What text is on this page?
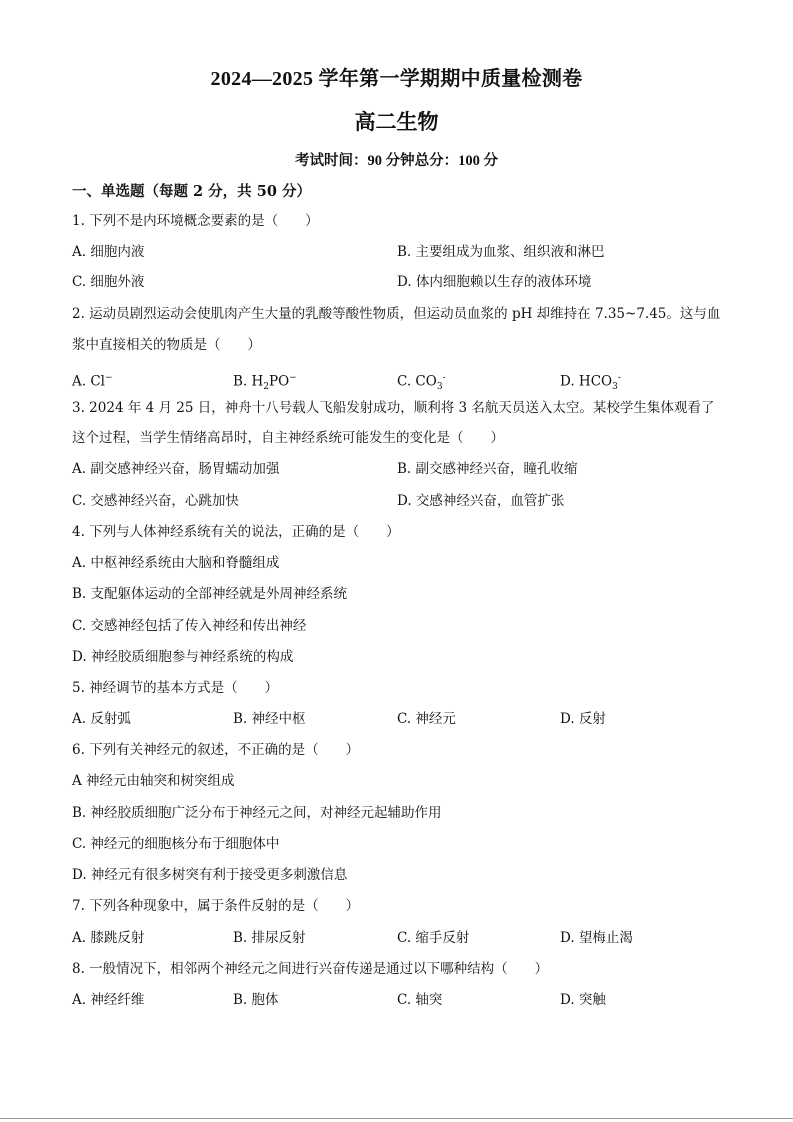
2024—2025 学年第一学期期中质量检测卷
高二生物
考试时间：90 分钟总分：100 分
一、单选题（每题 2 分，共 50 分）
1. 下列不是内环境概念要素的是（　　）
A. 细胞内液	B. 主要组成为血浆、组织液和淋巴
C. 细胞外液	D. 体内细胞赖以生存的液体环境
2. 运动员剧烈运动会使肌肉产生大量的乳酸等酸性物质，但运动员血浆的 pH 却维持在 7.35~7.45。这与血
浆中直接相关的物质是（　　）
A. Cl−	B. $H_2PO^-$	C. $CO_3^-$	D. $HCO_3^-$
3. 2024 年 4 月 25 日，神舟十八号载人飞船发射成功，顺利将 3 名航天员送入太空。某校学生集体观看了
这个过程，当学生情绪高昂时，自主神经系统可能发生的变化是（　　）
A. 副交感神经兴奋，肠胃蠕动加强	B. 副交感神经兴奋，瞳孔收缩
C. 交感神经兴奋，心跳加快	D. 交感神经兴奋，血管扩张
4. 下列与人体神经系统有关的说法，正确的是（　　）
A. 中枢神经系统由大脑和脊髓组成
B. 支配躯体运动的全部神经就是外周神经系统
C. 交感神经包括了传入神经和传出神经
D. 神经胶质细胞参与神经系统的构成
5. 神经调节的基本方式是（　　）
A. 反射弧	B. 神经中枢	C. 神经元	D. 反射
6. 下列有关神经元的叙述，不正确的是（　　）
A 神经元由轴突和树突组成
B. 神经胶质细胞广泛分布于神经元之间，对神经元起辅助作用
C. 神经元的细胞核分布于细胞体中
D. 神经元有很多树突有利于接受更多刺激信息
7. 下列各种现象中，属于条件反射的是（　　）
A. 膝跳反射	B. 排尿反射	C. 缩手反射	D. 望梅止渴
8. 一般情况下，相邻两个神经元之间进行兴奋传递是通过以下哪种结构（　　）
A. 神经纤维	B. 胞体	C. 轴突	D. 突触
